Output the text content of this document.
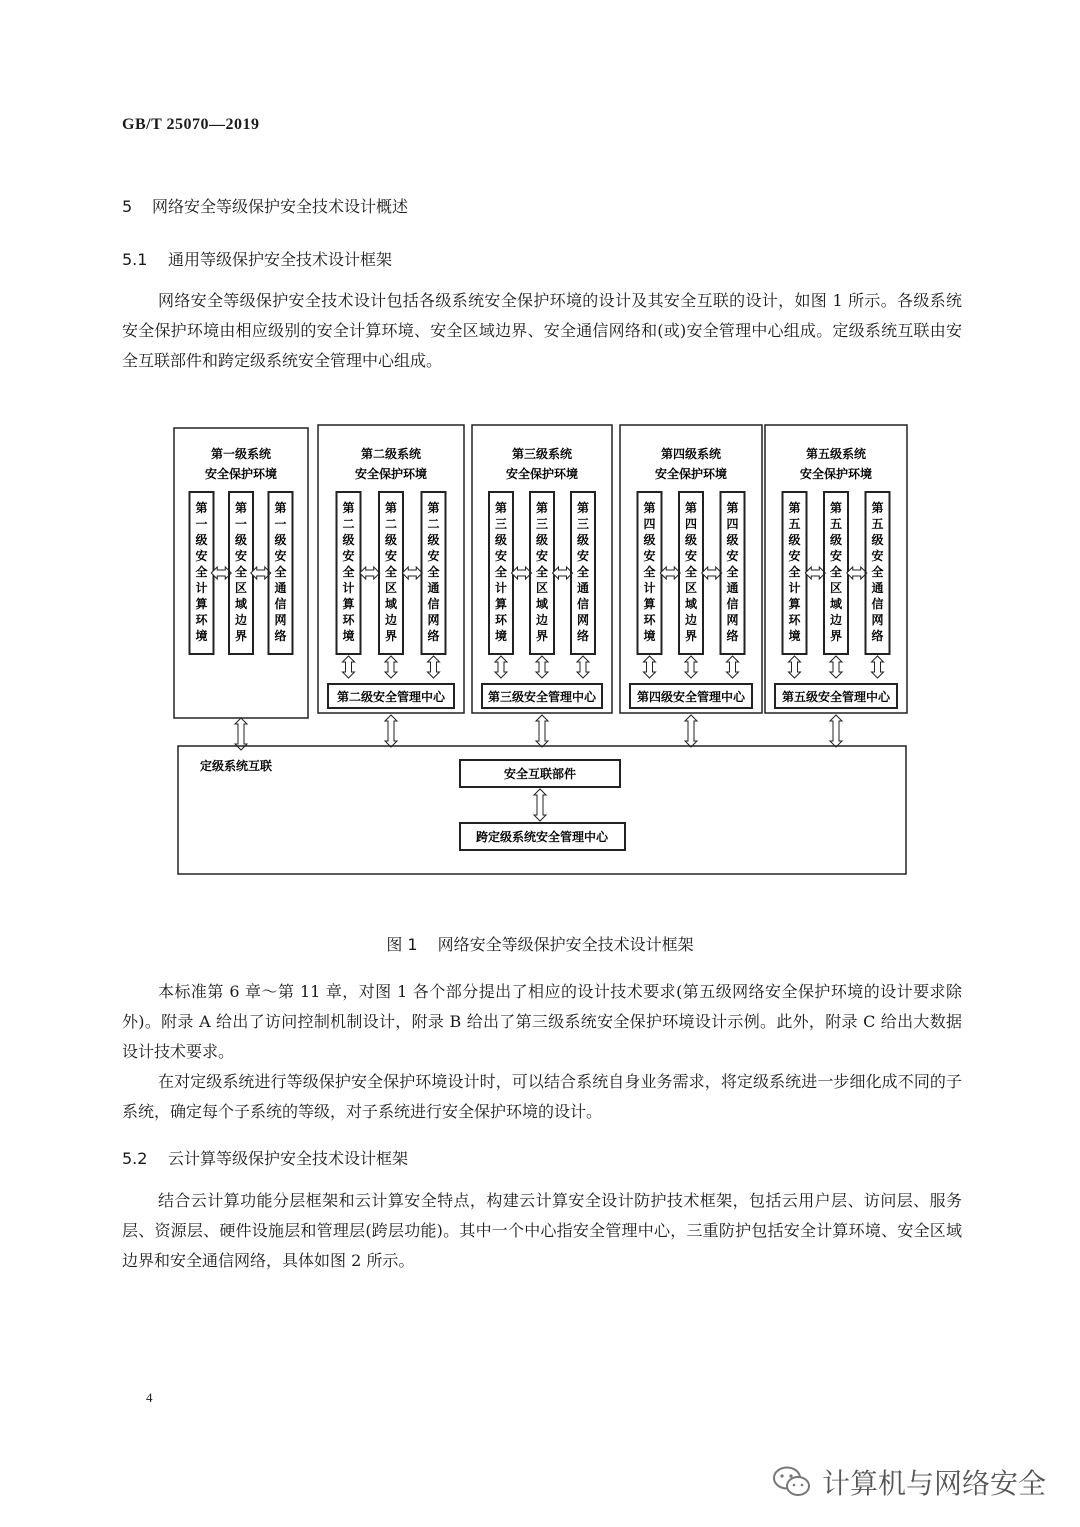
GB/T 25070—2019
5 网络安全等级保护安全技术设计概述
5.1 通用等级保护安全技术设计框架

网络安全等级保护安全技术设计包括各级系统安全保护环境的设计及其安全互联的设计，如图 1 所示。各级系统安全保护环境由相应级别的安全计算环境、安全区域边界、安全通信网络和(或)安全管理中心组成。定级系统互联由安全互联部件和跨定级系统安全管理中心组成。

第一级系统
安全保护环境
第一级安全计算环境
第一级安全区域边界
第一级安全通信网络
第二级系统
安全保护环境
第二级安全计算环境
第二级安全区域边界
第二级安全通信网络
第二级安全管理中心
第三级系统
安全保护环境
第三级安全计算环境
第三级安全区域边界
第三级安全通信网络
第三级安全管理中心
第四级系统
安全保护环境
第四级安全计算环境
第四级安全区域边界
第四级安全通信网络
第四级安全管理中心
第五级系统
安全保护环境
第五级安全计算环境
第五级安全区域边界
第五级安全通信网络
第五级安全管理中心
定级系统互联
安全互联部件
跨定级系统安全管理中心
图 1 网络安全等级保护安全技术设计框架

本标准第 6 章～第 11 章，对图 1 各个部分提出了相应的设计技术要求(第五级网络安全保护环境的设计要求除外)。附录 A 给出了访问控制机制设计，附录 B 给出了第三级系统安全保护环境设计示例。此外，附录 C 给出大数据设计技术要求。

在对定级系统进行等级保护安全保护环境设计时，可以结合系统自身业务需求，将定级系统进一步细化成不同的子系统，确定每个子系统的等级，对子系统进行安全保护环境的设计。

5.2 云计算等级保护安全技术设计框架

结合云计算功能分层框架和云计算安全特点，构建云计算安全设计防护技术框架，包括云用户层、访问层、服务层、资源层、硬件设施层和管理层(跨层功能)。其中一个中心指安全管理中心，三重防护包括安全计算环境、安全区域边界和安全通信网络，具体如图 2 所示。

4
计算机与网络安全
